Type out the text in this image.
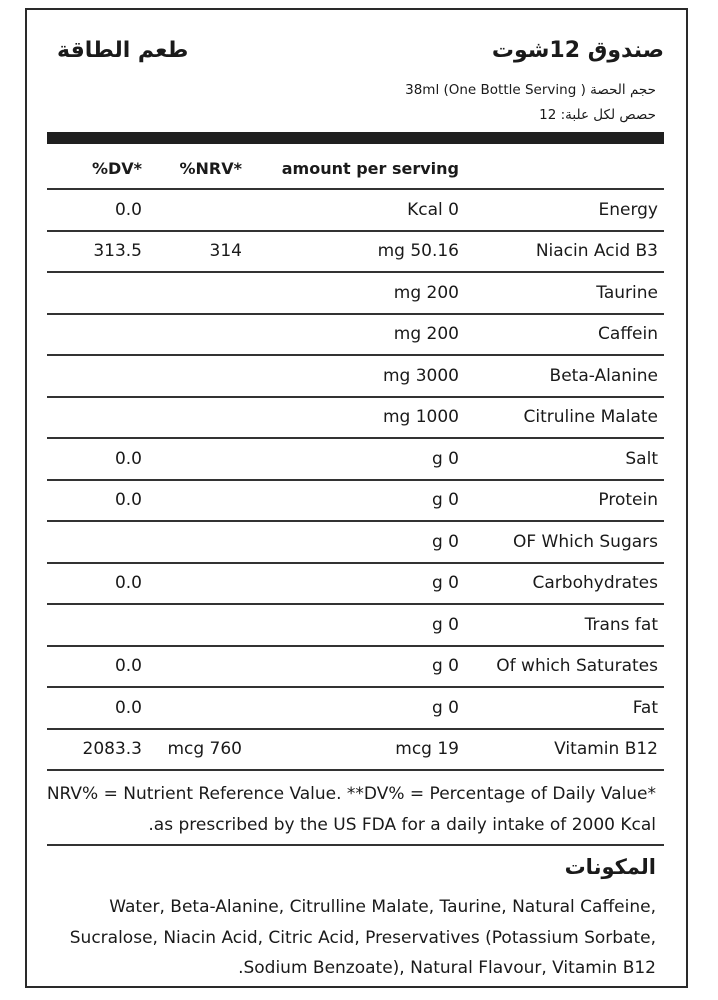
صندوق 12شوت
طعم الطاقة
حجم الحصة ( 38ml (One Bottle Serving
حصص لكل علبة: 12
%DV*	%NRV*	amount per serving	
0.0		Kcal 0	Energy
313.5	314	mg 50.16	Niacin Acid B3
		mg 200	Taurine
		mg 200	Caffein
		mg 3000	Beta-Alanine
		mg 1000	Citruline Malate
0.0		g 0	Salt
0.0		g 0	Protein
		g 0	OF Which Sugars
0.0		g 0	Carbohydrates
		g 0	Trans fat
0.0		g 0	Of which Saturates
0.0		g 0	Fat
2083.3	mcg 760	mcg 19	Vitamin B12
NRV% = Nutrient Reference Value. **DV% = Percentage of Daily Value*
.as prescribed by the US FDA for a daily intake of 2000 Kcal
المكونات
Water, Beta-Alanine, Citrulline Malate, Taurine, Natural Caffeine, Sucralose, Niacin Acid, Citric Acid, Preservatives (Potassium Sorbate, .Sodium Benzoate), Natural Flavour, Vitamin B12
